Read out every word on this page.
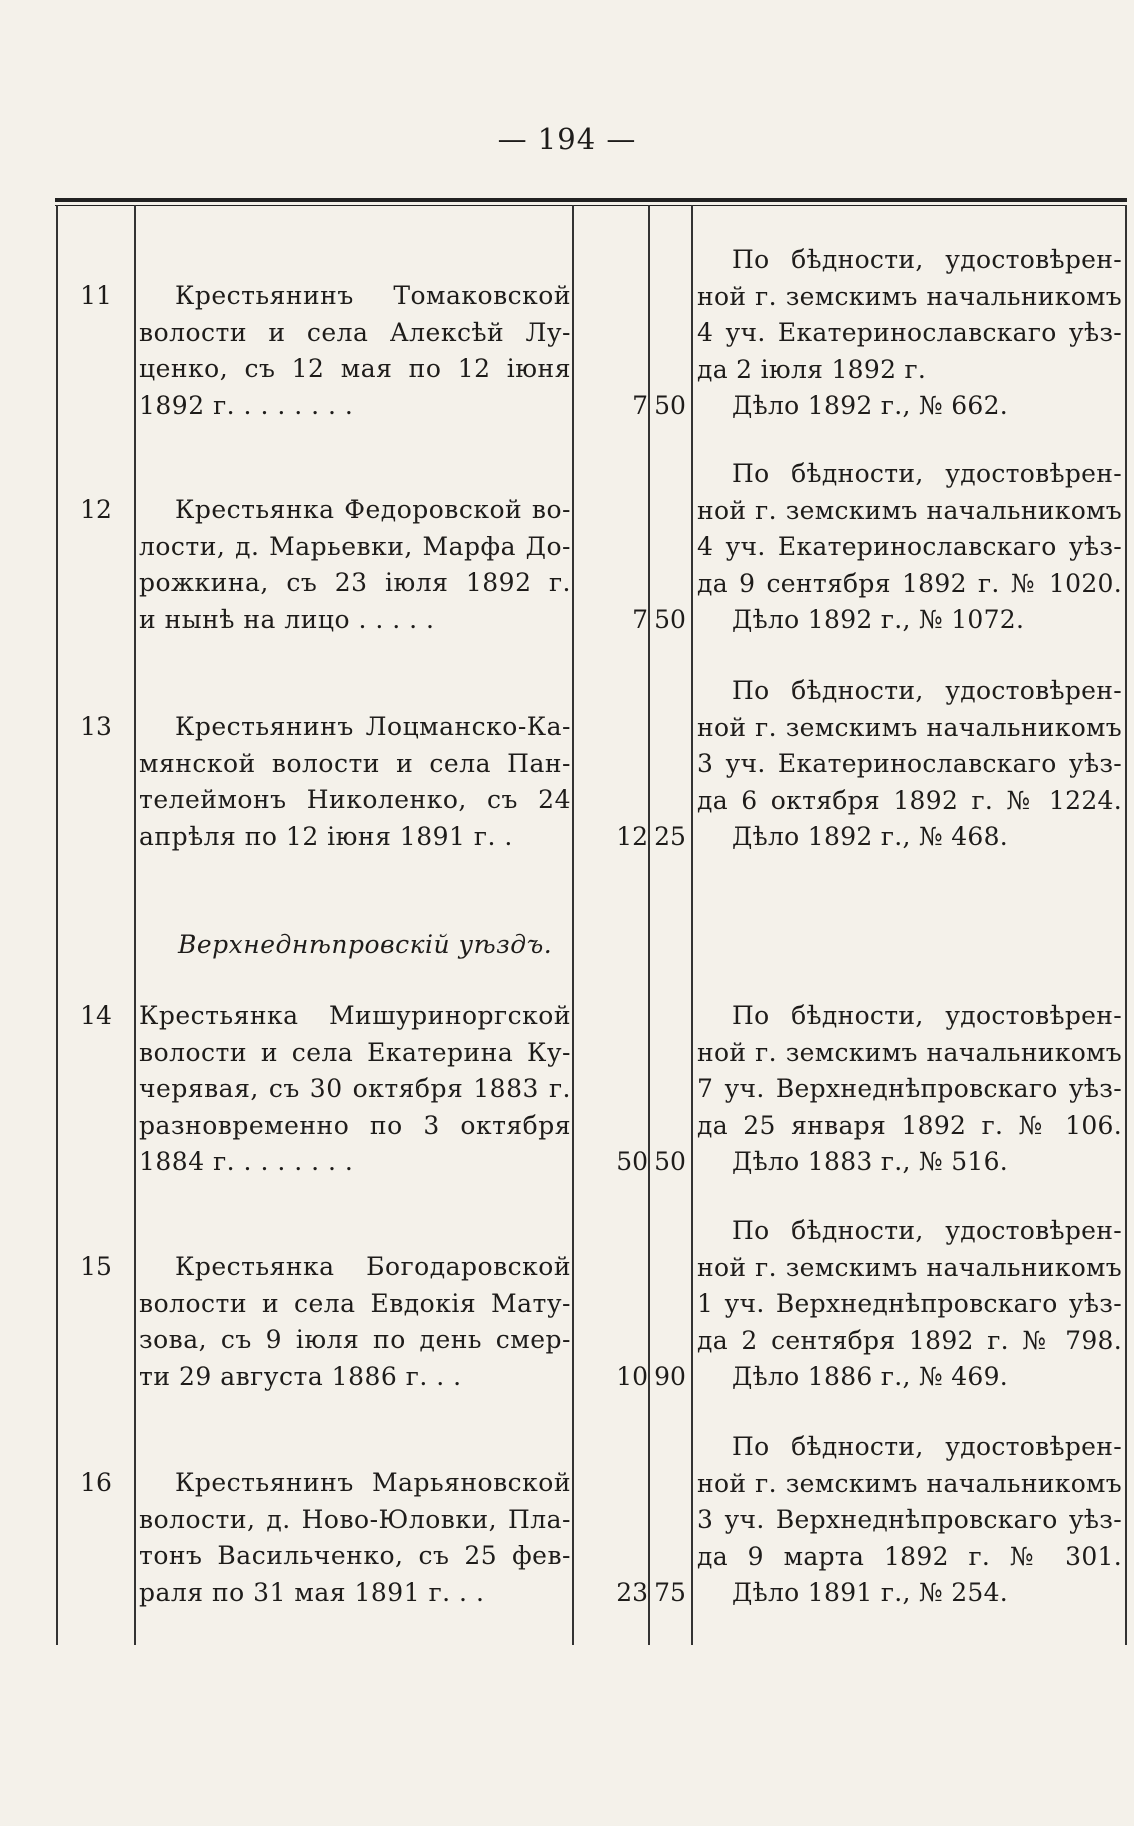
— 194 —
Верхнеднѣпровскій уѣздъ.
11	Крестьянинъ Томаковской
волости и села Алексѣй Лу-
ценко, съ 12 мая по 12 іюня
1892 г. . . . . . . .	7 50
По бѣдности, удостовѣрен-
ной г. земскимъ начальникомъ
4 уч. Екатеринославскаго уѣз-
да 2 іюля 1892 г.
Дѣло 1892 г., № 662.
12	Крестьянка Федоровской во-
лости, д. Марьевки, Марфа До-
рожкина, съ 23 іюля 1892 г.
и нынѣ на лицо . . . . .	7 50
По бѣдности, удостовѣрен-
ной г. земскимъ начальникомъ
4 уч. Екатеринославскаго уѣз-
да 9 сентября 1892 г. № 1020.
Дѣло 1892 г., № 1072.
13	Крестьянинъ Лоцманско-Ка-
мянской волости и села Пан-
телеймонъ Николенко, съ 24
апрѣля по 12 іюня 1891 г. .	12 25
По бѣдности, удостовѣрен-
ной г. земскимъ начальникомъ
3 уч. Екатеринославскаго уѣз-
да 6 октября 1892 г. № 1224.
Дѣло 1892 г., № 468.
14	Крестьянка Мишуриноргской
волости и села Екатерина Ку-
черявая, съ 30 октября 1883 г.
разновременно по 3 октября
1884 г. . . . . . . .	50 50
По бѣдности, удостовѣрен-
ной г. земскимъ начальникомъ
7 уч. Верхнеднѣпровскаго уѣз-
да 25 января 1892 г. № 106.
Дѣло 1883 г., № 516.
15	Крестьянка Богодаровской
волости и села Евдокія Мату-
зова, съ 9 іюля по день смер-
ти 29 августа 1886 г. . .	10 90
По бѣдности, удостовѣрен-
ной г. земскимъ начальникомъ
1 уч. Верхнеднѣпровскаго уѣз-
да 2 сентября 1892 г. № 798.
Дѣло 1886 г., № 469.
16	Крестьянинъ Марьяновской
волости, д. Ново-Юловки, Пла-
тонъ Васильченко, съ 25 фев-
раля по 31 мая 1891 г. . .	23 75
По бѣдности, удостовѣрен-
ной г. земскимъ начальникомъ
3 уч. Верхнеднѣпровскаго уѣз-
да 9 марта 1892 г. № 301.
Дѣло 1891 г., № 254.
